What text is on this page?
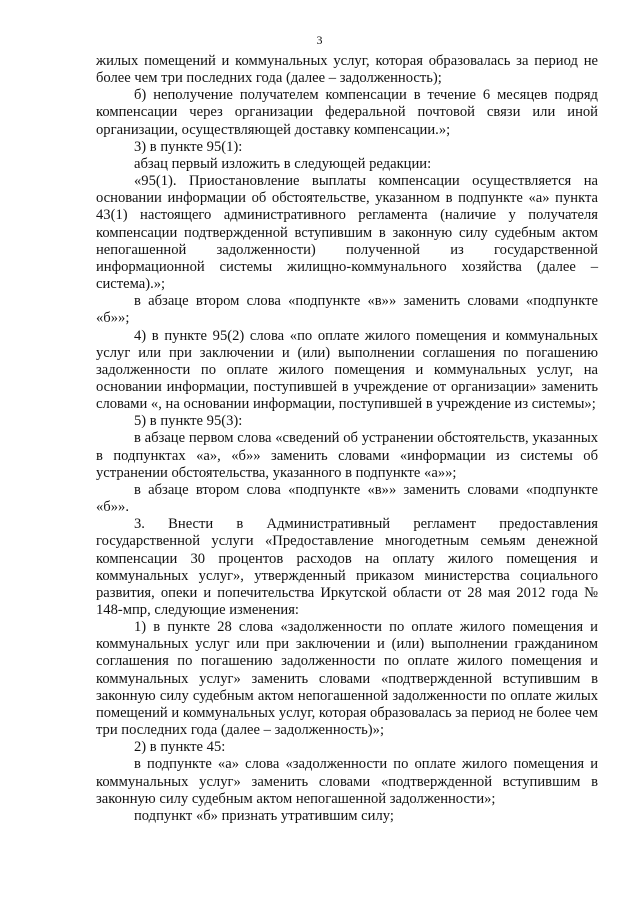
3

жилых помещений и коммунальных услуг, которая образовалась за период не более чем три последних года (далее – задолженность);

б) неполучение получателем компенсации в течение 6 месяцев подряд компенсации через организации федеральной почтовой связи или иной организации, осуществляющей доставку компенсации.»;

3) в пункте 95(1):

абзац первый изложить в следующей редакции:

«95(1). Приостановление выплаты компенсации осуществляется на основании информации об обстоятельстве, указанном в подпункте «а» пункта 43(1) настоящего административного регламента (наличие у получателя компенсации подтвержденной вступившим в законную силу судебным актом непогашенной задолженности) полученной из государственной информационной системы жилищно-коммунального хозяйства (далее – система).»;

в абзаце втором слова «подпункте «в»» заменить словами «подпункте «б»»;

4) в пункте 95(2) слова «по оплате жилого помещения и коммунальных услуг или при заключении и (или) выполнении соглашения по погашению задолженности по оплате жилого помещения и коммунальных услуг, на основании информации, поступившей в учреждение от организации» заменить словами «, на основании информации, поступившей в учреждение из системы»;

5) в пункте 95(3):

в абзаце первом слова «сведений об устранении обстоятельств, указанных в подпунктах «а», «б»» заменить словами «информации из системы об устранении обстоятельства, указанного в подпункте «а»»;

в абзаце втором слова «подпункте «в»» заменить словами «подпункте «б»».

3. Внести в Административный регламент предоставления государственной услуги «Предоставление многодетным семьям денежной компенсации 30 процентов расходов на оплату жилого помещения и коммунальных услуг», утвержденный приказом министерства социального развития, опеки и попечительства Иркутской области от 28 мая 2012 года № 148-мпр, следующие изменения:

1) в пункте 28 слова «задолженности по оплате жилого помещения и коммунальных услуг или при заключении и (или) выполнении гражданином соглашения по погашению задолженности по оплате жилого помещения и коммунальных услуг» заменить словами «подтвержденной вступившим в законную силу судебным актом непогашенной задолженности по оплате жилых помещений и коммунальных услуг, которая образовалась за период не более чем три последних года (далее – задолженность)»;

2) в пункте 45:

в подпункте «а» слова «задолженности по оплате жилого помещения и коммунальных услуг» заменить словами «подтвержденной вступившим в законную силу судебным актом непогашенной задолженности»;

подпункт «б» признать утратившим силу;
